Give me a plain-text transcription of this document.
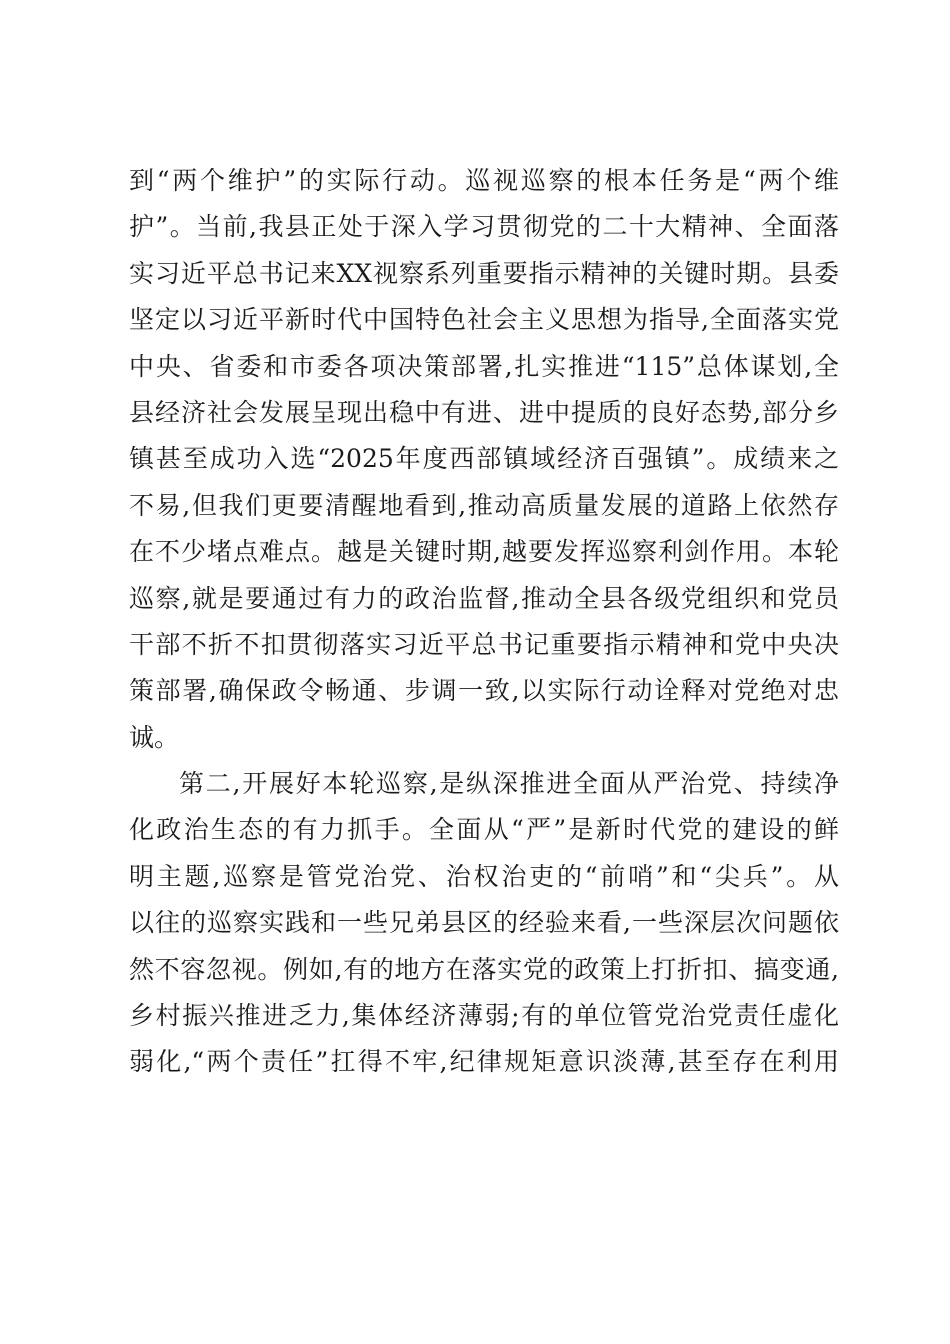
到“两个维护”的实际行动。巡视巡察的根本任务是“两个维
护”。当前,我县正处于深入学习贯彻党的二十大精神、全面落
实习近平总书记来XX视察系列重要指示精神的关键时期。县委
坚定以习近平新时代中国特色社会主义思想为指导,全面落实党
中央、省委和市委各项决策部署,扎实推进“115”总体谋划,全
县经济社会发展呈现出稳中有进、进中提质的良好态势,部分乡
镇甚至成功入选“2025年度西部镇域经济百强镇”。成绩来之
不易,但我们更要清醒地看到,推动高质量发展的道路上依然存
在不少堵点难点。越是关键时期,越要发挥巡察利剑作用。本轮
巡察,就是要通过有力的政治监督,推动全县各级党组织和党员
干部不折不扣贯彻落实习近平总书记重要指示精神和党中央决
策部署,确保政令畅通、步调一致,以实际行动诠释对党绝对忠
诚。
第二,开展好本轮巡察,是纵深推进全面从严治党、持续净
化政治生态的有力抓手。全面从“严”是新时代党的建设的鲜
明主题,巡察是管党治党、治权治吏的“前哨”和“尖兵”。从
以往的巡察实践和一些兄弟县区的经验来看,一些深层次问题依
然不容忽视。例如,有的地方在落实党的政策上打折扣、搞变通,
乡村振兴推进乏力,集体经济薄弱;有的单位管党治党责任虚化
弱化,“两个责任”扛得不牢,纪律规矩意识淡薄,甚至存在利用
